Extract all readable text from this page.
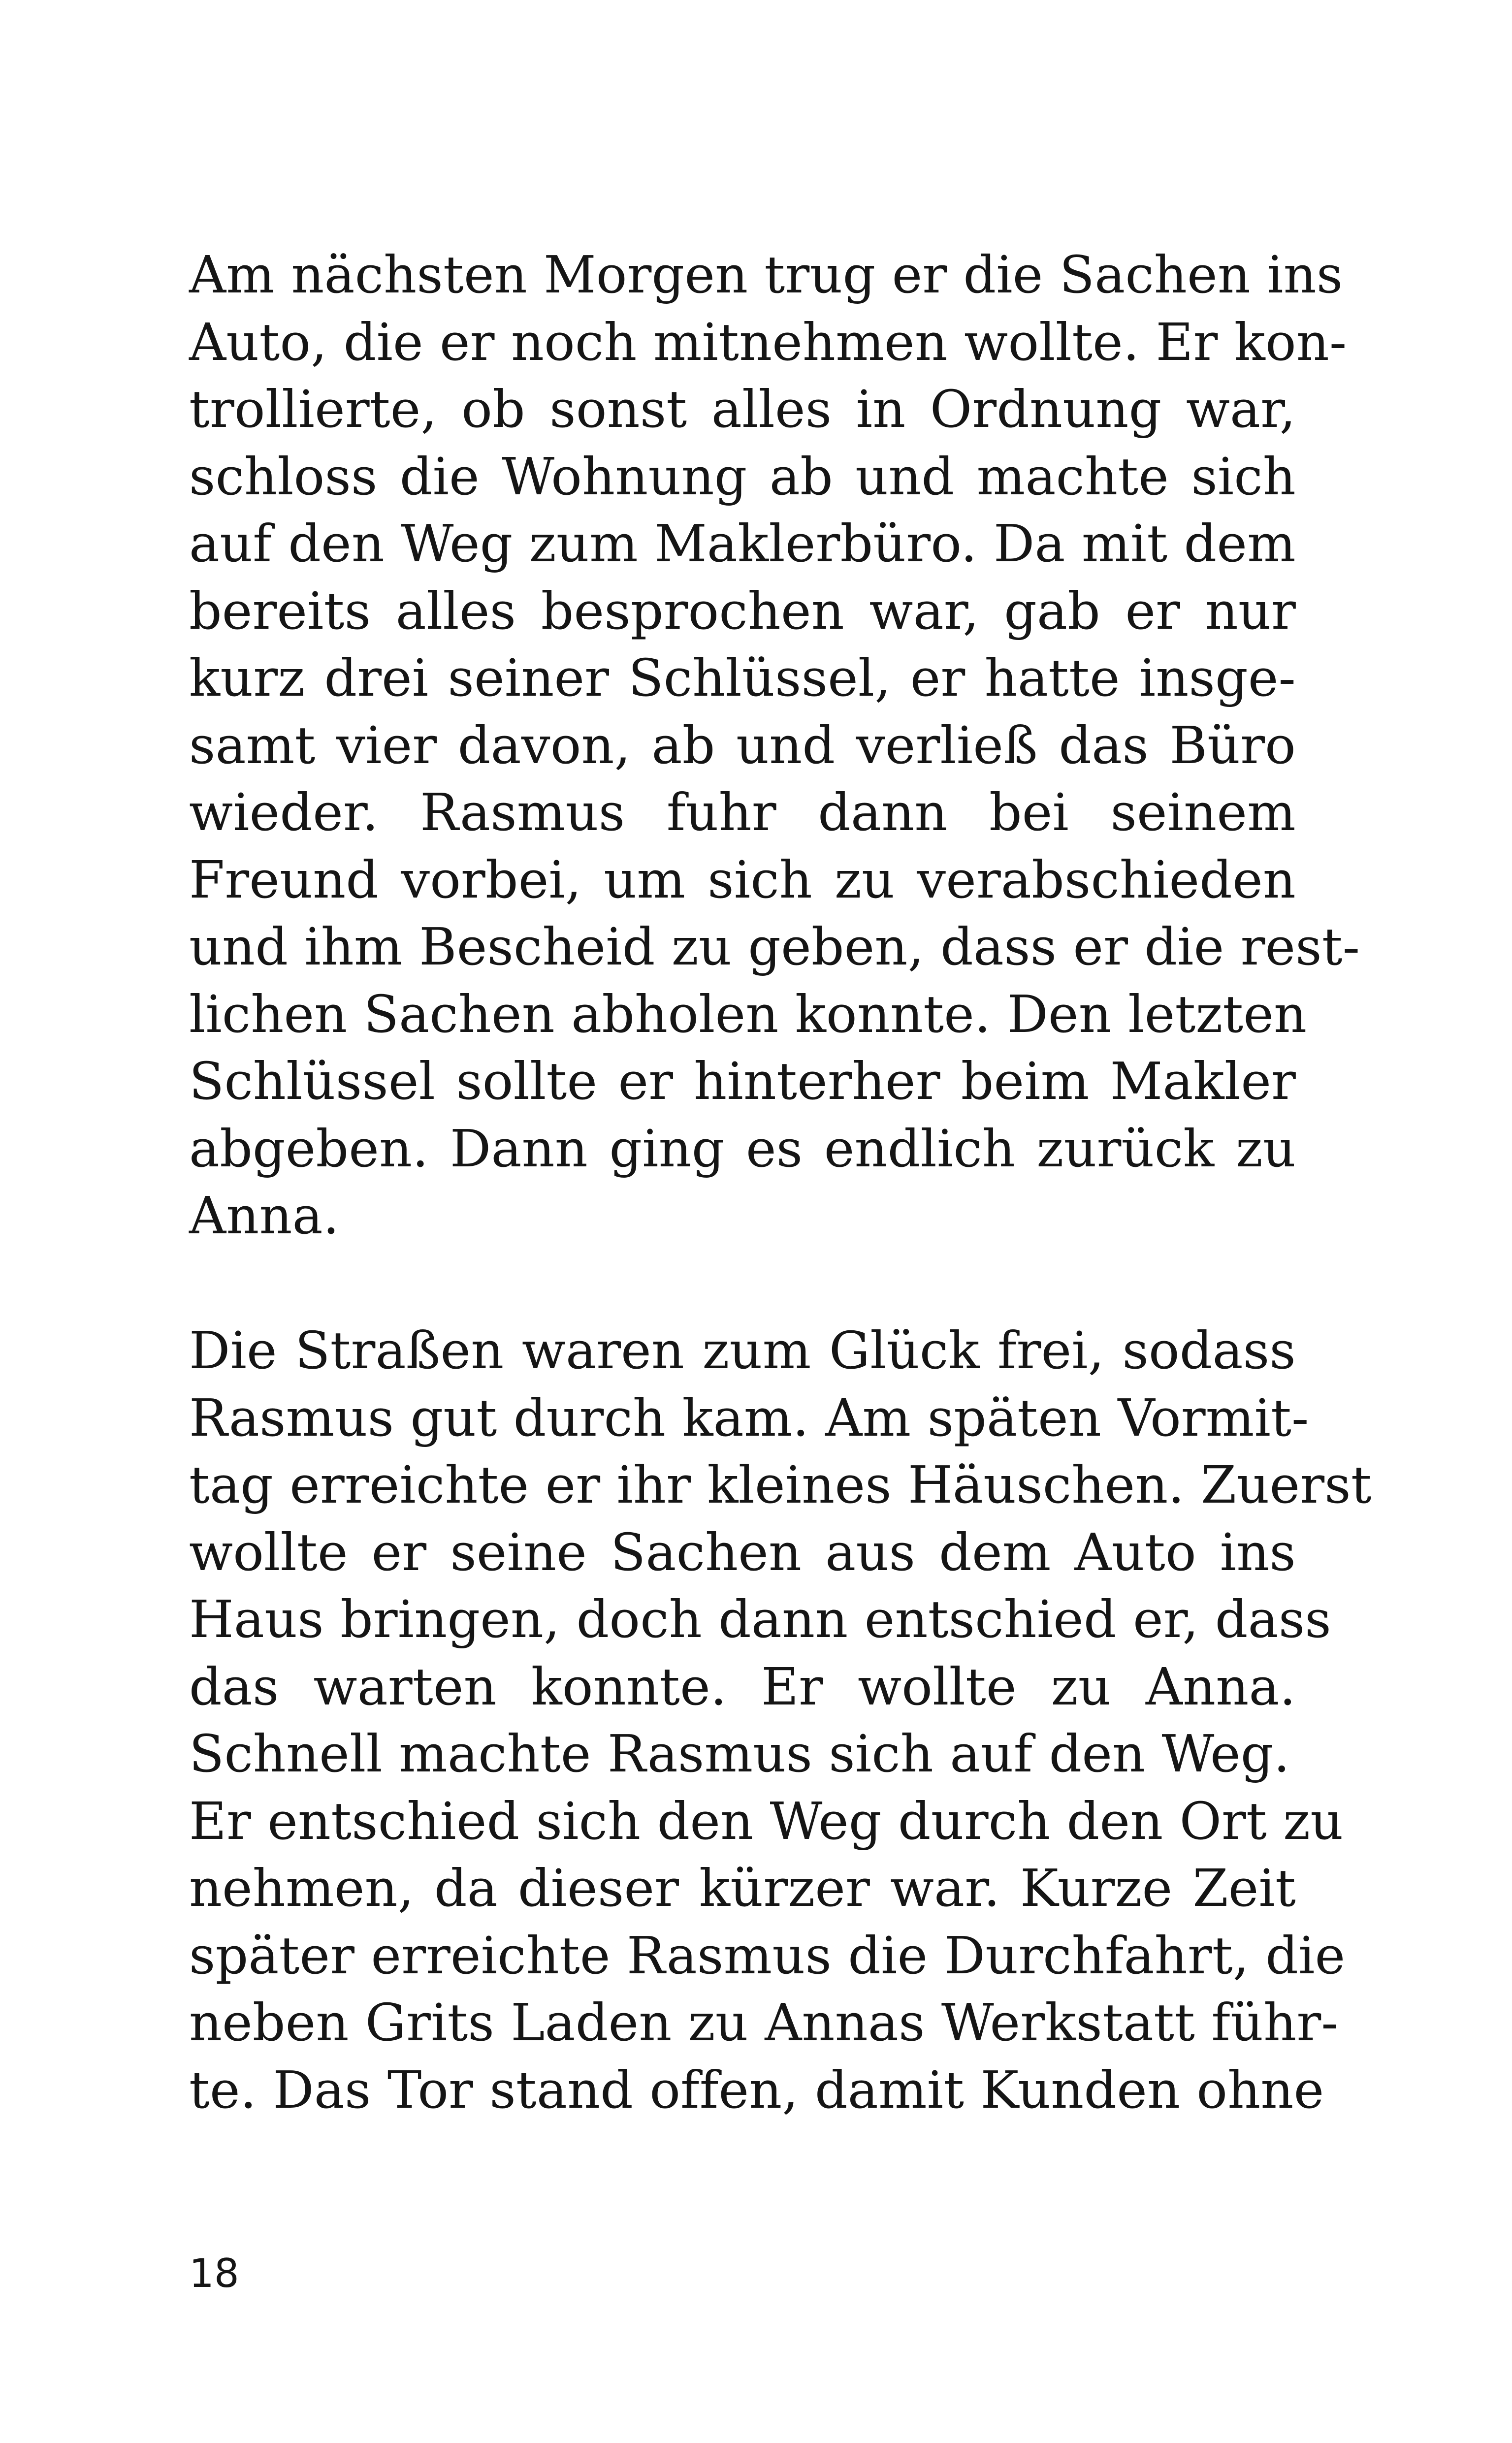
Am nächsten Morgen trug er die Sachen ins
Auto, die er noch mitnehmen wollte. Er kon-
trollierte, ob sonst alles in Ordnung war,
schloss die Wohnung ab und machte sich
auf den Weg zum Maklerbüro. Da mit dem
bereits alles besprochen war, gab er nur
kurz drei seiner Schlüssel, er hatte insge-
samt vier davon, ab und verließ das Büro
wieder. Rasmus fuhr dann bei seinem
Freund vorbei, um sich zu verabschieden
und ihm Bescheid zu geben, dass er die rest-
lichen Sachen abholen konnte. Den letzten
Schlüssel sollte er hinterher beim Makler
abgeben. Dann ging es endlich zurück zu
Anna.
Die Straßen waren zum Glück frei, sodass
Rasmus gut durch kam. Am späten Vormit-
tag erreichte er ihr kleines Häuschen. Zuerst
wollte er seine Sachen aus dem Auto ins
Haus bringen, doch dann entschied er, dass
das warten konnte. Er wollte zu Anna.
Schnell machte Rasmus sich auf den Weg.
Er entschied sich den Weg durch den Ort zu
nehmen, da dieser kürzer war. Kurze Zeit
später erreichte Rasmus die Durchfahrt, die
neben Grits Laden zu Annas Werkstatt führ-
te. Das Tor stand offen, damit Kunden ohne
18
